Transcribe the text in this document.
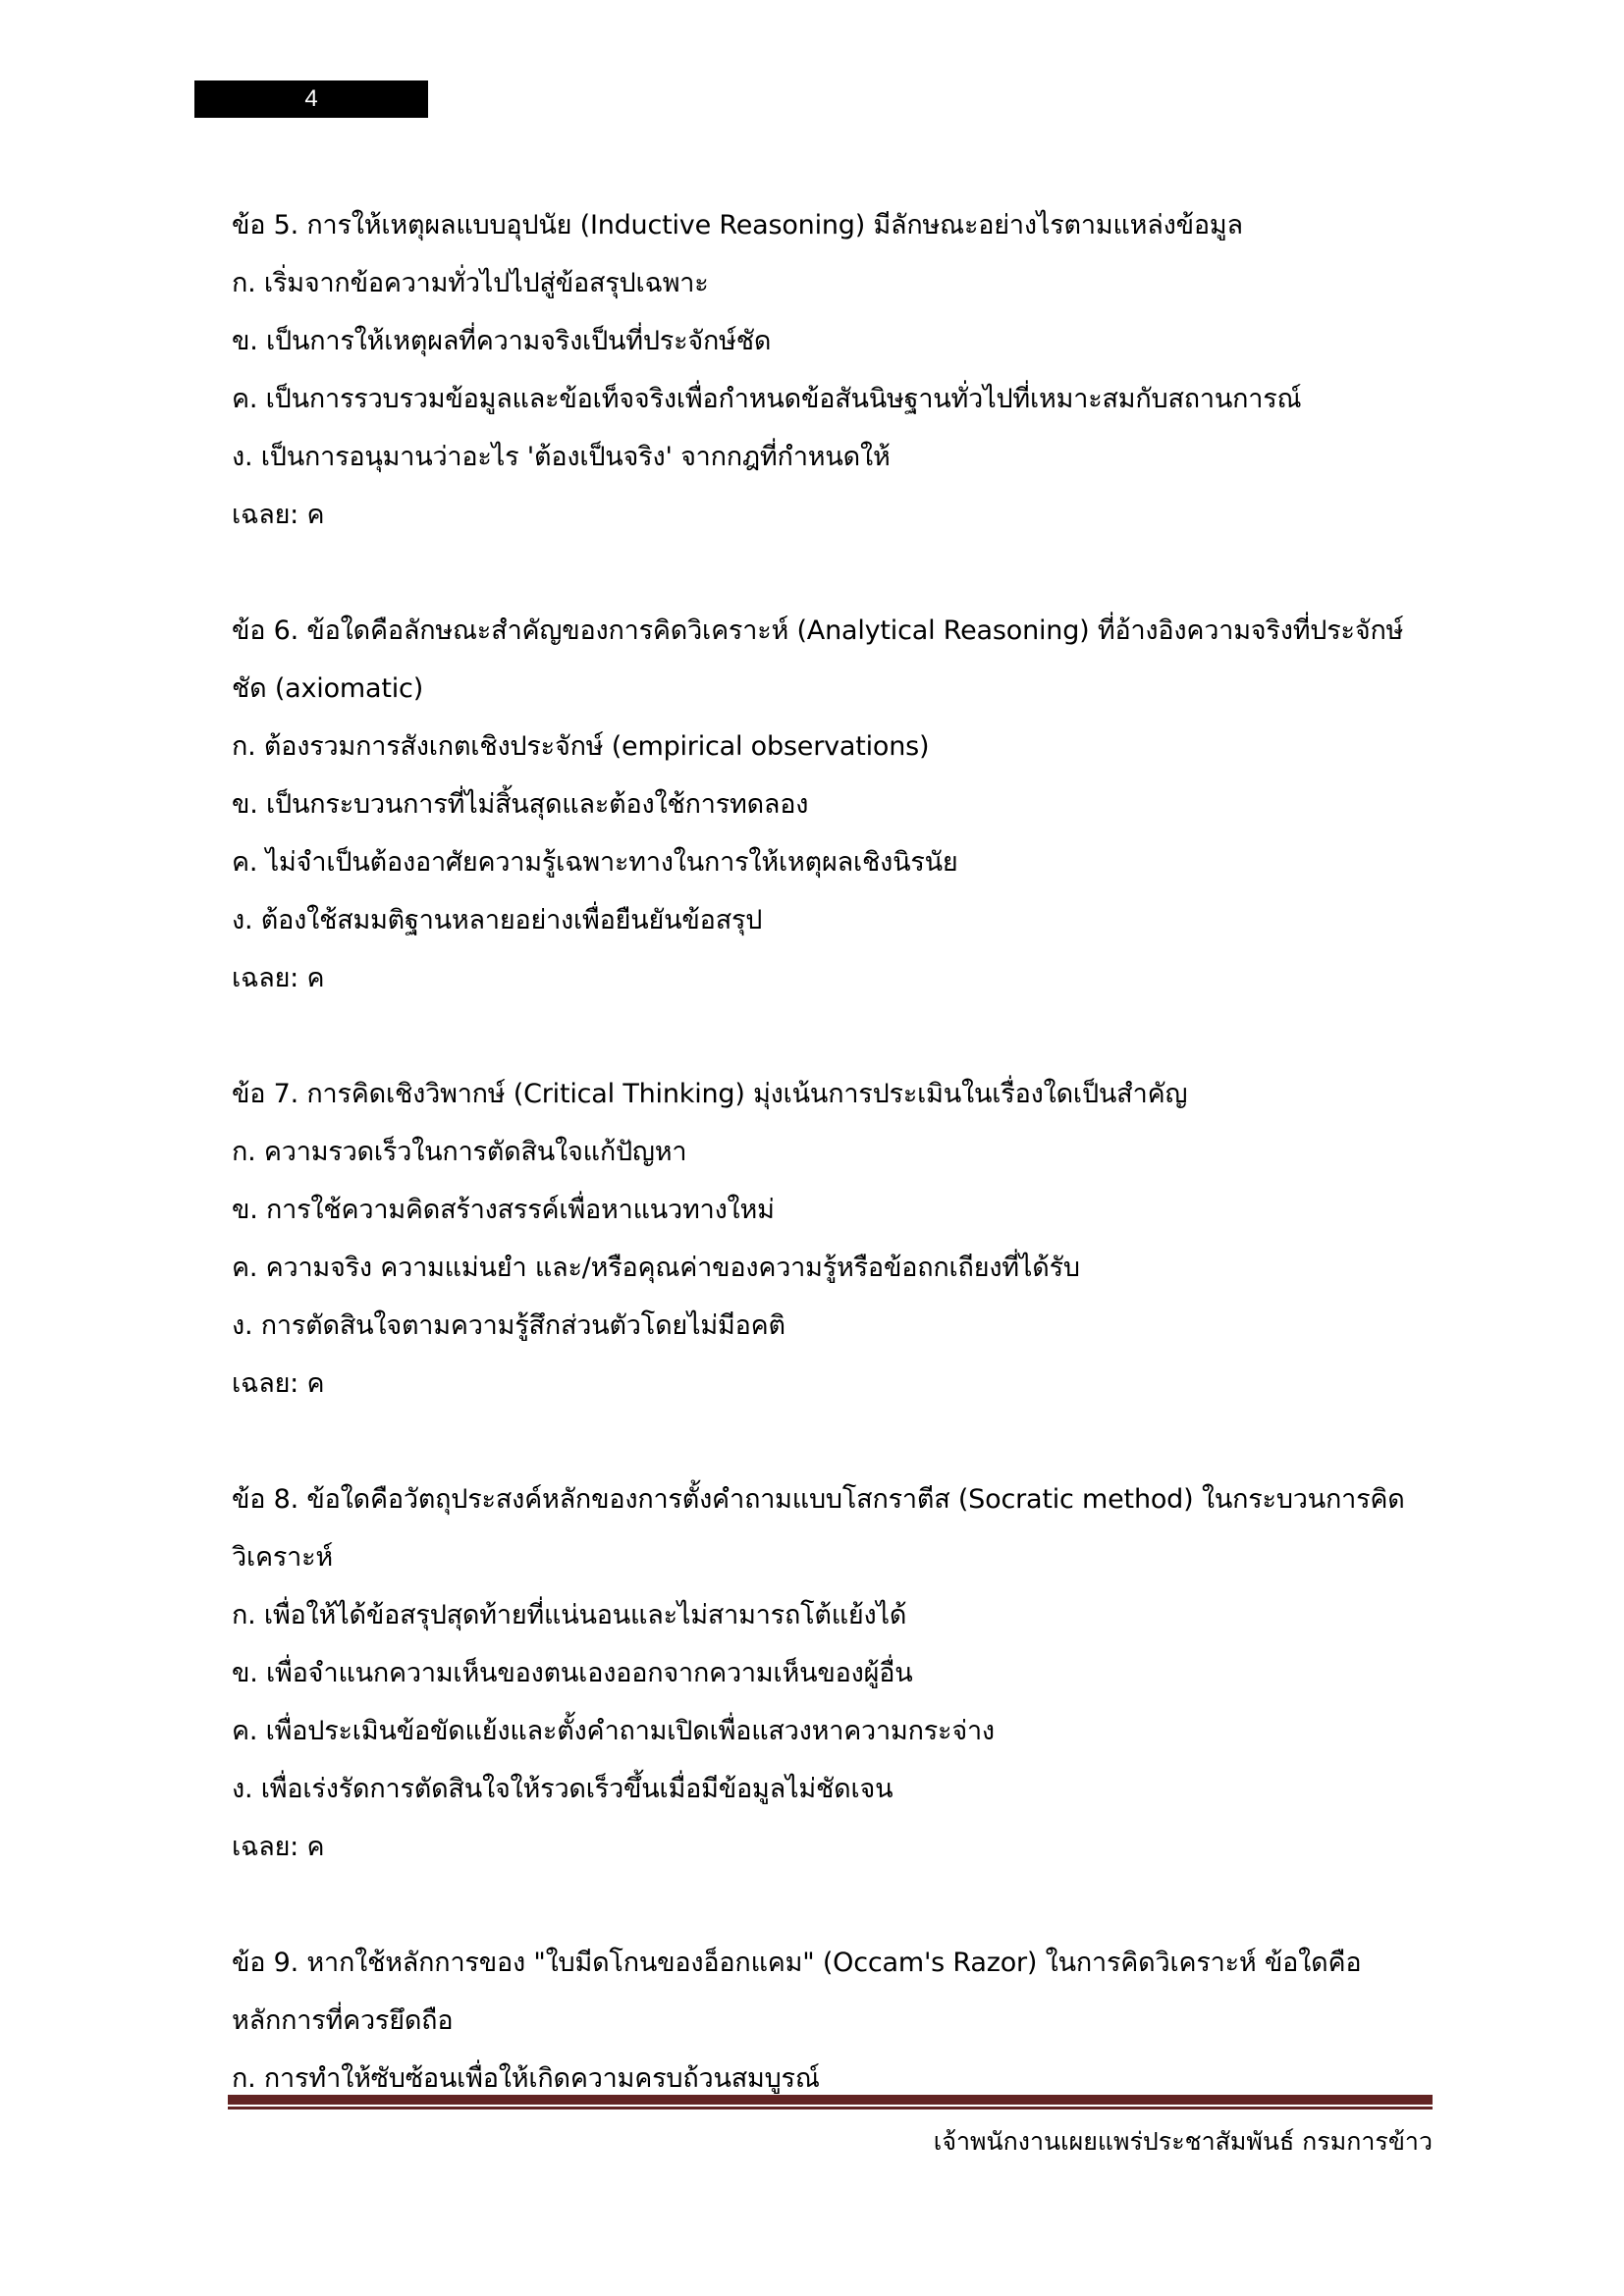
4
ข้อ 5. การให้เหตุผลแบบอุปนัย (Inductive Reasoning) มีลักษณะอย่างไรตามแหล่งข้อมูล
ก. เริ่มจากข้อความทั่วไปไปสู่ข้อสรุปเฉพาะ
ข. เป็นการให้เหตุผลที่ความจริงเป็นที่ประจักษ์ชัด
ค. เป็นการรวบรวมข้อมูลและข้อเท็จจริงเพื่อกำหนดข้อสันนิษฐานทั่วไปที่เหมาะสมกับสถานการณ์
ง. เป็นการอนุมานว่าอะไร 'ต้องเป็นจริง' จากกฎที่กำหนดให้
เฉลย: ค
ข้อ 6. ข้อใดคือลักษณะสำคัญของการคิดวิเคราะห์ (Analytical Reasoning) ที่อ้างอิงความจริงที่ประจักษ์
ชัด (axiomatic)
ก. ต้องรวมการสังเกตเชิงประจักษ์ (empirical observations)
ข. เป็นกระบวนการที่ไม่สิ้นสุดและต้องใช้การทดลอง
ค. ไม่จำเป็นต้องอาศัยความรู้เฉพาะทางในการให้เหตุผลเชิงนิรนัย
ง. ต้องใช้สมมติฐานหลายอย่างเพื่อยืนยันข้อสรุป
เฉลย: ค
ข้อ 7. การคิดเชิงวิพากษ์ (Critical Thinking) มุ่งเน้นการประเมินในเรื่องใดเป็นสำคัญ
ก. ความรวดเร็วในการตัดสินใจแก้ปัญหา
ข. การใช้ความคิดสร้างสรรค์เพื่อหาแนวทางใหม่
ค. ความจริง ความแม่นยำ และ/หรือคุณค่าของความรู้หรือข้อถกเถียงที่ได้รับ
ง. การตัดสินใจตามความรู้สึกส่วนตัวโดยไม่มีอคติ
เฉลย: ค
ข้อ 8. ข้อใดคือวัตถุประสงค์หลักของการตั้งคำถามแบบโสกราตีส (Socratic method) ในกระบวนการคิด
วิเคราะห์
ก. เพื่อให้ได้ข้อสรุปสุดท้ายที่แน่นอนและไม่สามารถโต้แย้งได้
ข. เพื่อจำแนกความเห็นของตนเองออกจากความเห็นของผู้อื่น
ค. เพื่อประเมินข้อขัดแย้งและตั้งคำถามเปิดเพื่อแสวงหาความกระจ่าง
ง. เพื่อเร่งรัดการตัดสินใจให้รวดเร็วขึ้นเมื่อมีข้อมูลไม่ชัดเจน
เฉลย: ค
ข้อ 9. หากใช้หลักการของ "ใบมีดโกนของอ็อกแคม" (Occam's Razor) ในการคิดวิเคราะห์ ข้อใดคือ
หลักการที่ควรยึดถือ
ก. การทำให้ซับซ้อนเพื่อให้เกิดความครบถ้วนสมบูรณ์
เจ้าพนักงานเผยแพร่ประชาสัมพันธ์ กรมการข้าว
